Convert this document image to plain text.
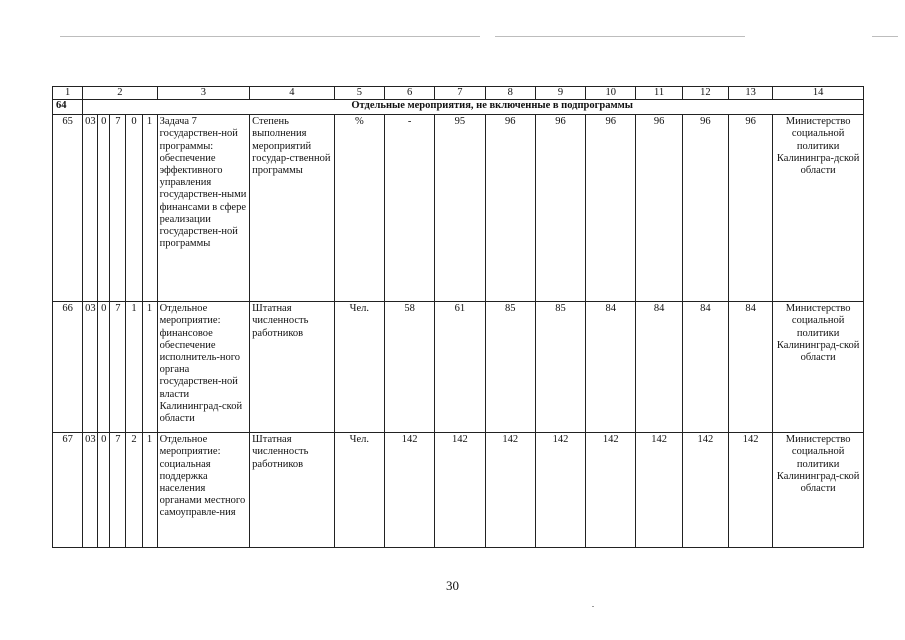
1	2					3	4	5	6	7	8	9	10	11	12	13	14
64	Отдельные мероприятия, не включенные в подпрограммы																
65	03	0	7	0	1	Задача 7 государствен-ной программы: обеспечение эффективного управления государствен-ными финансами в сфере реализации государствен-ной программы	Степень выполнения мероприятий государ-ственной программы	%	-	95	96	96	96	96	96	96	Министерство социальной политики Калинингра-дской области
66	03	0	7	1	1	Отдельное мероприятие: финансовое обеспечение исполнитель-ного органа государствен-ной власти Калининград-ской области	Штатная численность работников	Чел.	58	61	85	85	84	84	84	84	Министерство социальной политики Калининград-ской области
67	03	0	7	2	1	Отдельное мероприятие: социальная поддержка населения органами местного самоуправле-ния	Штатная численность работников	Чел.	142	142	142	142	142	142	142	142	Министерство социальной политики Калининград-ской области
30
